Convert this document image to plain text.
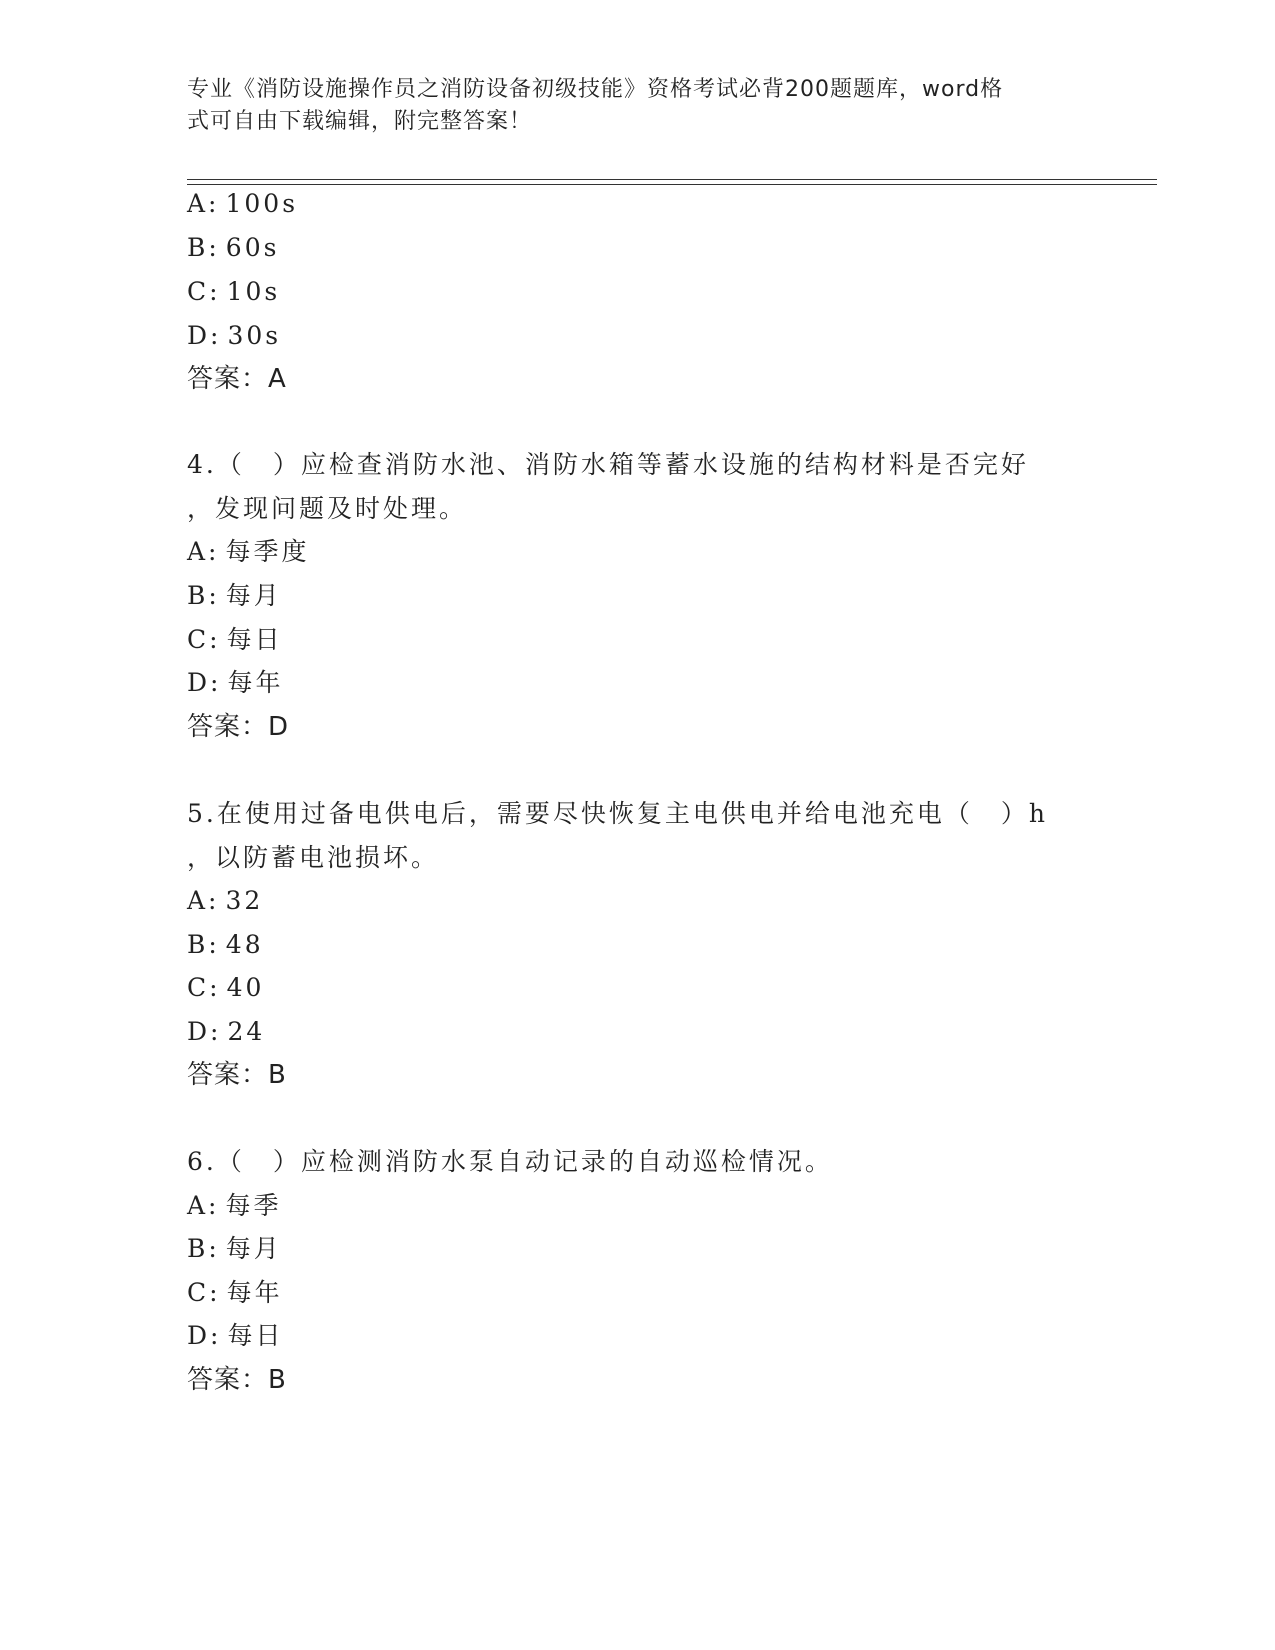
专业《消防设施操作员之消防设备初级技能》资格考试必背200题题库，word格
式可自由下载编辑，附完整答案！
A: 100s
B: 60s
C: 10s
D: 30s
答案：A
4.（　）应检查消防水池、消防水箱等蓄水设施的结构材料是否完好
，发现问题及时处理。
A: 每季度
B: 每月
C: 每日
D: 每年
答案：D
5.在使用过备电供电后，需要尽快恢复主电供电并给电池充电（　）h
，以防蓄电池损坏。
A: 32
B: 48
C: 40
D: 24
答案：B
6.（　）应检测消防水泵自动记录的自动巡检情况。
A: 每季
B: 每月
C: 每年
D: 每日
答案：B
